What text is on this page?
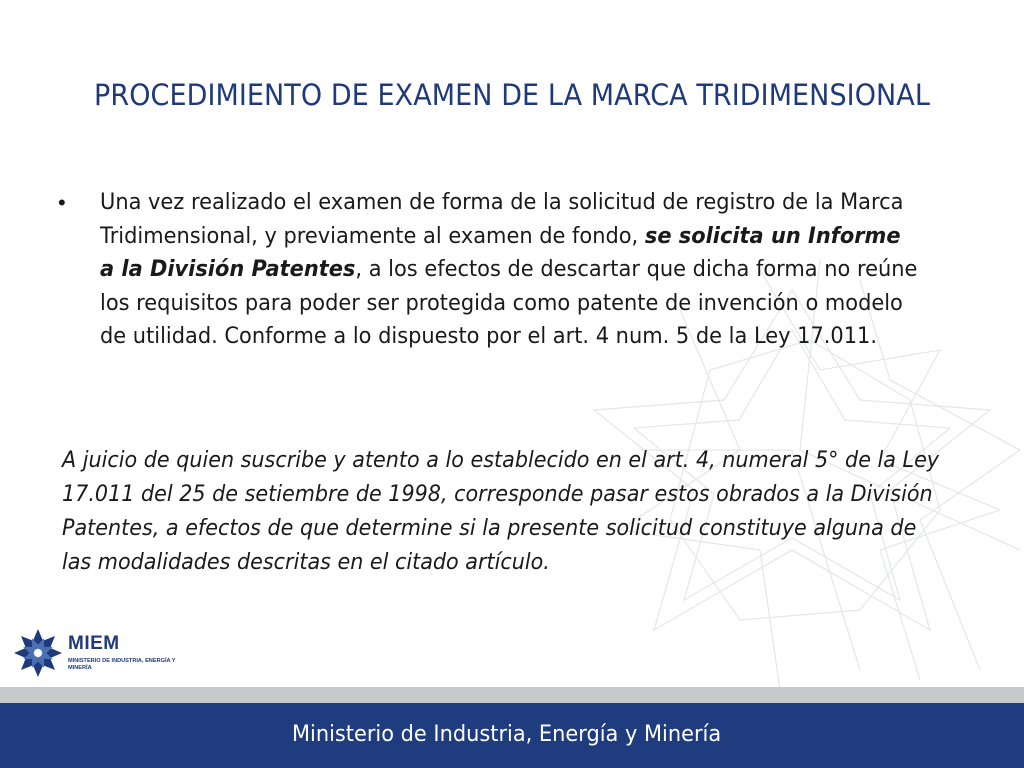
PROCEDIMIENTO DE EXAMEN DE LA MARCA TRIDIMENSIONAL
• Una vez realizado el examen de forma de la solicitud de registro de la Marca Tridimensional, y previamente al examen de fondo, se solicita un Informe a la División Patentes, a los efectos de descartar que dicha forma no reúne los requisitos para poder ser protegida como patente de invención o modelo de utilidad. Conforme a lo dispuesto por el art. 4 num. 5 de la Ley 17.011.
A juicio de quien suscribe y atento a lo establecido en el art. 4, numeral 5° de la Ley 17.011 del 25 de setiembre de 1998, corresponde pasar estos obrados a la División Patentes, a efectos de que determine si la presente solicitud constituye alguna de las modalidades descritas en el citado artículo.
MIEM
MINISTERIO DE INDUSTRIA, ENERGÍA Y MINERÍA
Ministerio de Industria, Energía y Minería
